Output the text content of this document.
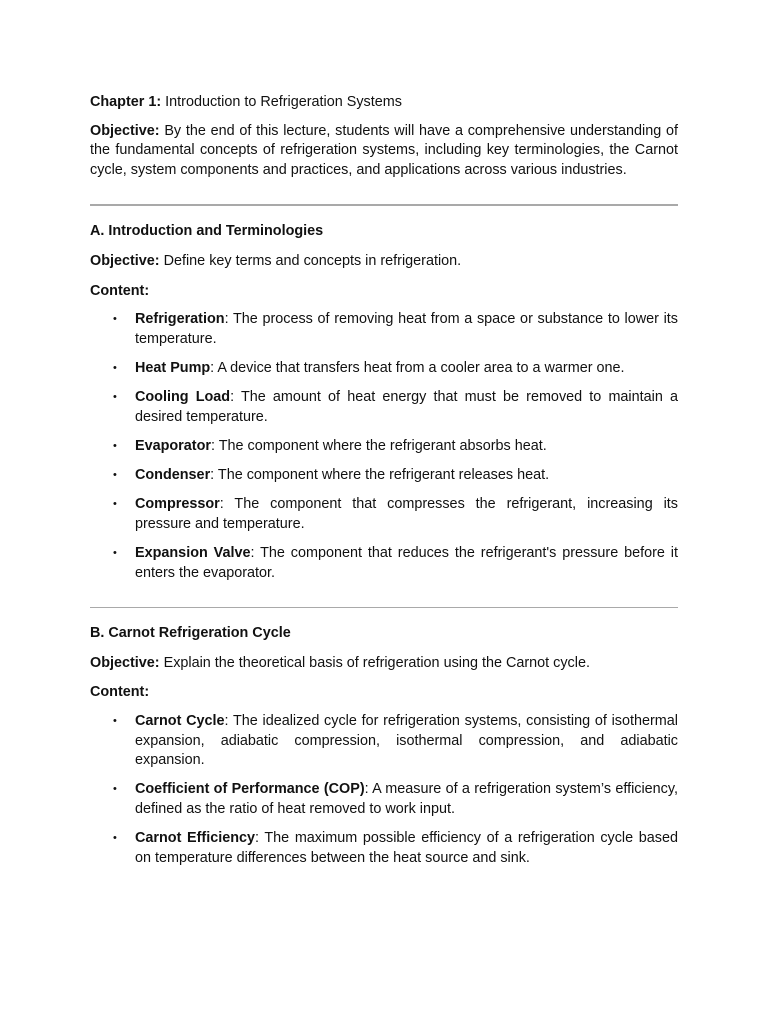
Chapter 1: Introduction to Refrigeration Systems

Objective: By the end of this lecture, students will have a comprehensive understanding of the fundamental concepts of refrigeration systems, including key terminologies, the Carnot cycle, system components and practices, and applications across various industries.

A. Introduction and Terminologies

Objective: Define key terms and concepts in refrigeration.

Content:

• Refrigeration: The process of removing heat from a space or substance to lower its temperature.
• Heat Pump: A device that transfers heat from a cooler area to a warmer one.
• Cooling Load: The amount of heat energy that must be removed to maintain a desired temperature.
• Evaporator: The component where the refrigerant absorbs heat.
• Condenser: The component where the refrigerant releases heat.
• Compressor: The component that compresses the refrigerant, increasing its pressure and temperature.
• Expansion Valve: The component that reduces the refrigerant's pressure before it enters the evaporator.

B. Carnot Refrigeration Cycle

Objective: Explain the theoretical basis of refrigeration using the Carnot cycle.

Content:

• Carnot Cycle: The idealized cycle for refrigeration systems, consisting of isothermal expansion, adiabatic compression, isothermal compression, and adiabatic expansion.
• Coefficient of Performance (COP): A measure of a refrigeration system’s efficiency, defined as the ratio of heat removed to work input.
• Carnot Efficiency: The maximum possible efficiency of a refrigeration cycle based on temperature differences between the heat source and sink.
